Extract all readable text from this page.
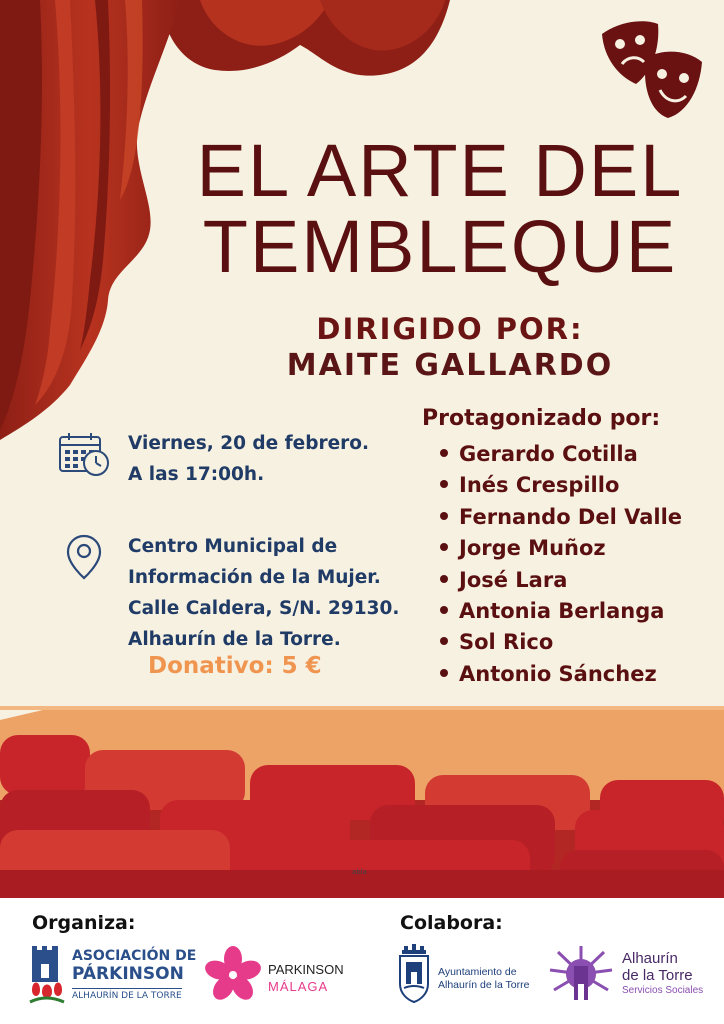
EL ARTE DEL
TEMBLEQUE
DIRIGIDO POR:
MAITE GALLARDO
Viernes, 20 de febrero.
A las 17:00h.
Centro Municipal de
Información de la Mujer.
Calle Caldera, S/N. 29130.
Alhaurín de la Torre.
Donativo: 5 €
Protagonizado por:
Gerardo Cotilla
Inés Crespillo
Fernando Del Valle
Jorge Muñoz
José Lara
Antonia Berlanga
Sol Rico
Antonio Sánchez
abla
Organiza:	Colabora:
ASOCIACIÓN DE
PÁRKINSON
ALHAURÍN DE LA TORRE
PARKINSON
MÁLAGA
Ayuntamiento de
Alhaurín de la Torre
Alhaurín
de la Torre
Servicios Sociales
